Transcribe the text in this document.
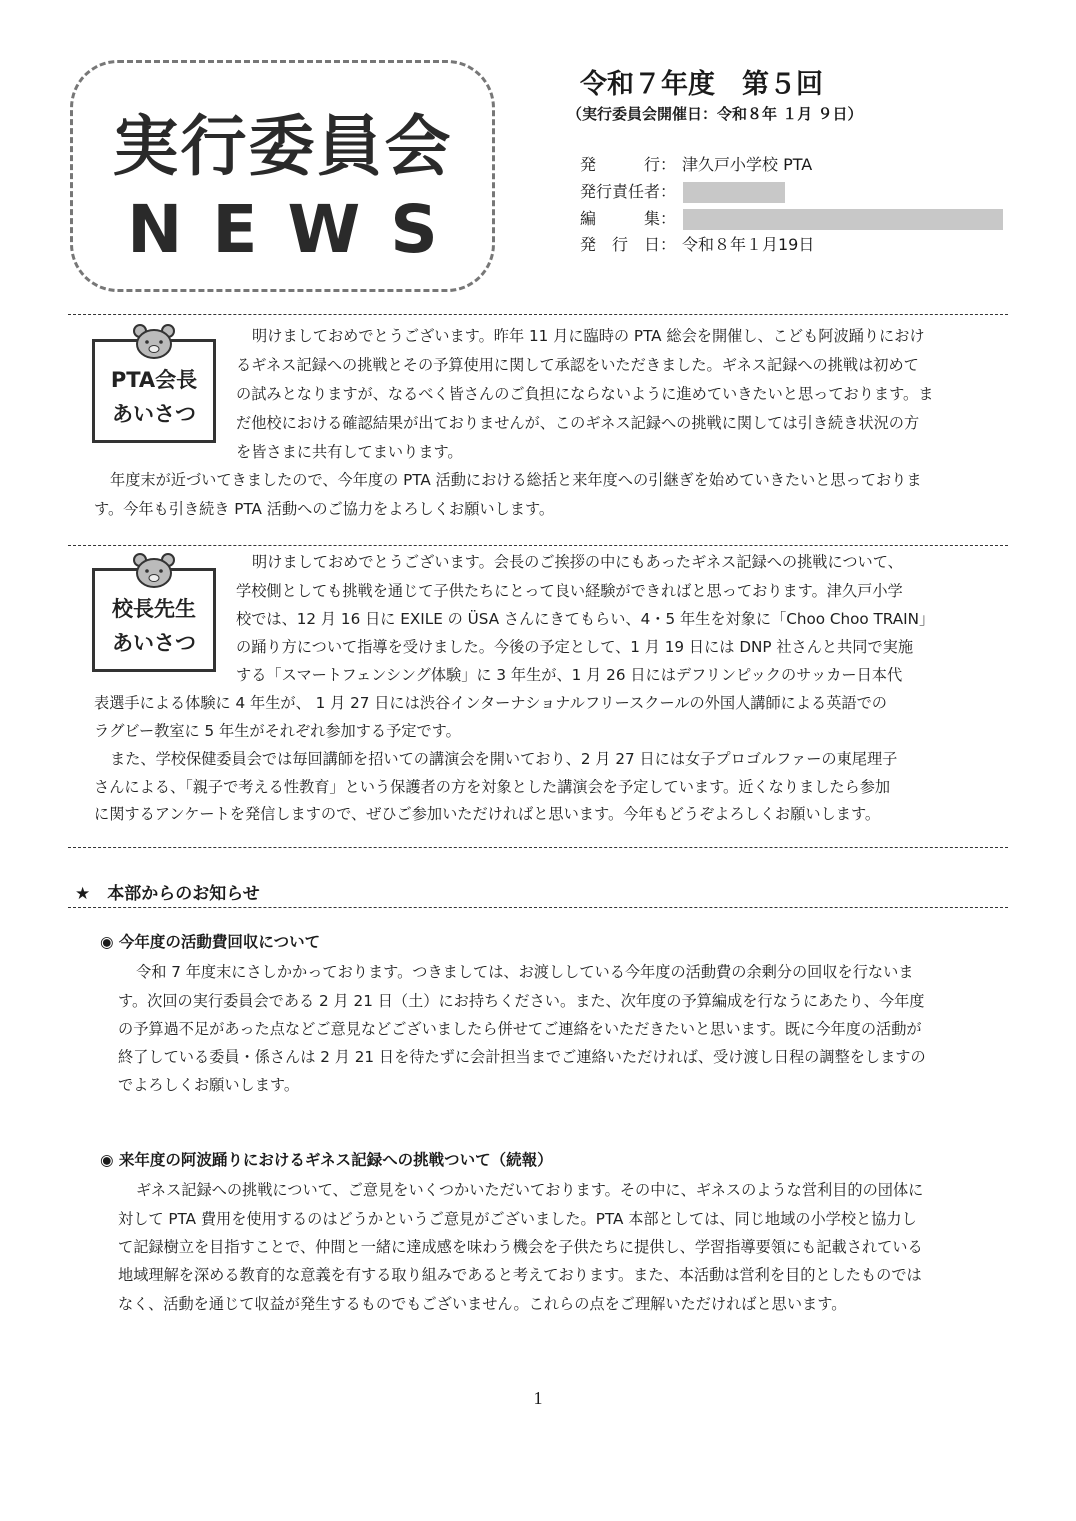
実行委員会
NEWS
令和７年度　第５回
（実行委員会開催日：令和８年 １月 ９日）
発　　　行： 津久戸小学校 PTA
発行責任者：
編　　　集：
発　行　日： 令和８年１月19日
PTA会長
あいさつ

明けましておめでとうございます。昨年 11 月に臨時の PTA 総会を開催し、こども阿波踊りにおけ

るギネス記録への挑戦とその予算使用に関して承認をいただきました。ギネス記録への挑戦は初めて

の試みとなりますが、なるべく皆さんのご負担にならないように進めていきたいと思っております。ま

だ他校における確認結果が出ておりませんが、このギネス記録への挑戦に関しては引き続き状況の方

を皆さまに共有してまいります。

年度末が近づいてきましたので、今年度の PTA 活動における総括と来年度への引継ぎを始めていきたいと思っておりま

す。今年も引き続き PTA 活動へのご協力をよろしくお願いします。

校長先生
あいさつ

明けましておめでとうございます。会長のご挨拶の中にもあったギネス記録への挑戦について、

学校側としても挑戦を通じて子供たちにとって良い経験ができればと思っております。津久戸小学

校では、12 月 16 日に EXILE の ÜSA さんにきてもらい、4・5 年生を対象に「Choo Choo TRAIN」

の踊り方について指導を受けました。今後の予定として、1 月 19 日には DNP 社さんと共同で実施

する「スマートフェンシング体験」に 3 年生が、1 月 26 日にはデフリンピックのサッカー日本代

表選手による体験に 4 年生が、 1 月 27 日には渋谷インターナショナルフリースクールの外国人講師による英語での

ラグビー教室に 5 年生がそれぞれ参加する予定です。

また、学校保健委員会では毎回講師を招いての講演会を開いており、2 月 27 日には女子プロゴルファーの東尾理子

さんによる、「親子で考える性教育」という保護者の方を対象とした講演会を予定しています。近くなりましたら参加

に関するアンケートを発信しますので、ぜひご参加いただければと思います。今年もどうぞよろしくお願いします。

★　本部からのお知らせ
◉ 今年度の活動費回収について

令和 7 年度末にさしかかっております。つきましては、お渡ししている今年度の活動費の余剰分の回収を行ないま

す。次回の実行委員会である 2 月 21 日（土）にお持ちください。また、次年度の予算編成を行なうにあたり、今年度

の予算過不足があった点などご意見などございましたら併せてご連絡をいただきたいと思います。既に今年度の活動が

終了している委員・係さんは 2 月 21 日を待たずに会計担当までご連絡いただければ、受け渡し日程の調整をしますの

でよろしくお願いします。

◉ 来年度の阿波踊りにおけるギネス記録への挑戦ついて（続報）

ギネス記録への挑戦について、ご意見をいくつかいただいております。その中に、ギネスのような営利目的の団体に

対して PTA 費用を使用するのはどうかというご意見がございました。PTA 本部としては、同じ地域の小学校と協力し

て記録樹立を目指すことで、仲間と一緒に達成感を味わう機会を子供たちに提供し、学習指導要領にも記載されている

地域理解を深める教育的な意義を有する取り組みであると考えております。また、本活動は営利を目的としたものでは

なく、活動を通じて収益が発生するものでもございません。これらの点をご理解いただければと思います。

1
